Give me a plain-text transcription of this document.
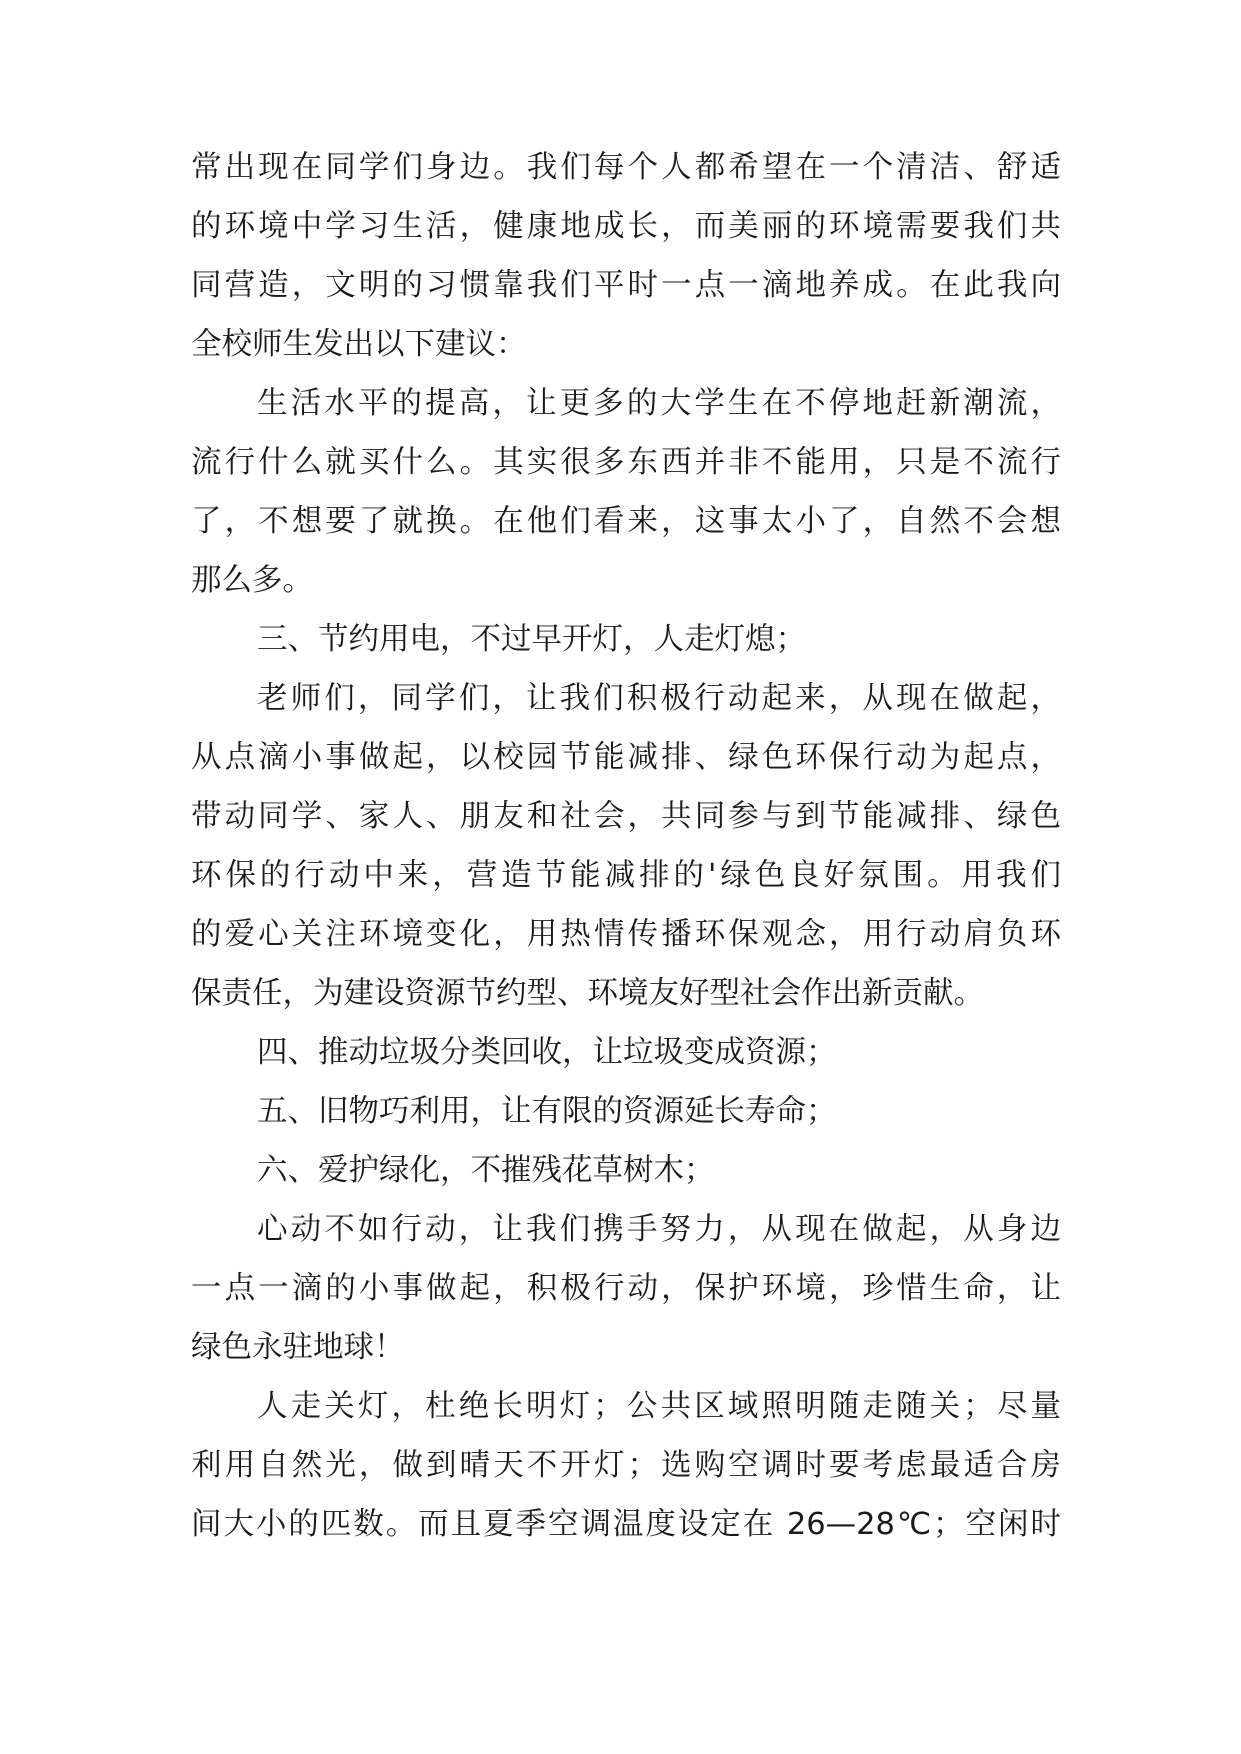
常出现在同学们身边。我们每个人都希望在一个清洁、舒适
的环境中学习生活，健康地成长，而美丽的环境需要我们共
同营造，文明的习惯靠我们平时一点一滴地养成。在此我向
全校师生发出以下建议：
生活水平的提高，让更多的大学生在不停地赶新潮流，
流行什么就买什么。其实很多东西并非不能用，只是不流行
了，不想要了就换。在他们看来，这事太小了，自然不会想
那么多。
三、节约用电，不过早开灯，人走灯熄；
老师们，同学们，让我们积极行动起来，从现在做起，
从点滴小事做起，以校园节能减排、绿色环保行动为起点，
带动同学、家人、朋友和社会，共同参与到节能减排、绿色
环保的行动中来，营造节能减排的'绿色良好氛围。用我们
的爱心关注环境变化，用热情传播环保观念，用行动肩负环
保责任，为建设资源节约型、环境友好型社会作出新贡献。
四、推动垃圾分类回收，让垃圾变成资源；
五、旧物巧利用，让有限的资源延长寿命；
六、爱护绿化，不摧残花草树木；
心动不如行动，让我们携手努力，从现在做起，从身边
一点一滴的小事做起，积极行动，保护环境，珍惜生命，让
绿色永驻地球！
人走关灯，杜绝长明灯；公共区域照明随走随关；尽量
利用自然光，做到晴天不开灯；选购空调时要考虑最适合房
间大小的匹数。而且夏季空调温度设定在 26—28℃；空闲时
